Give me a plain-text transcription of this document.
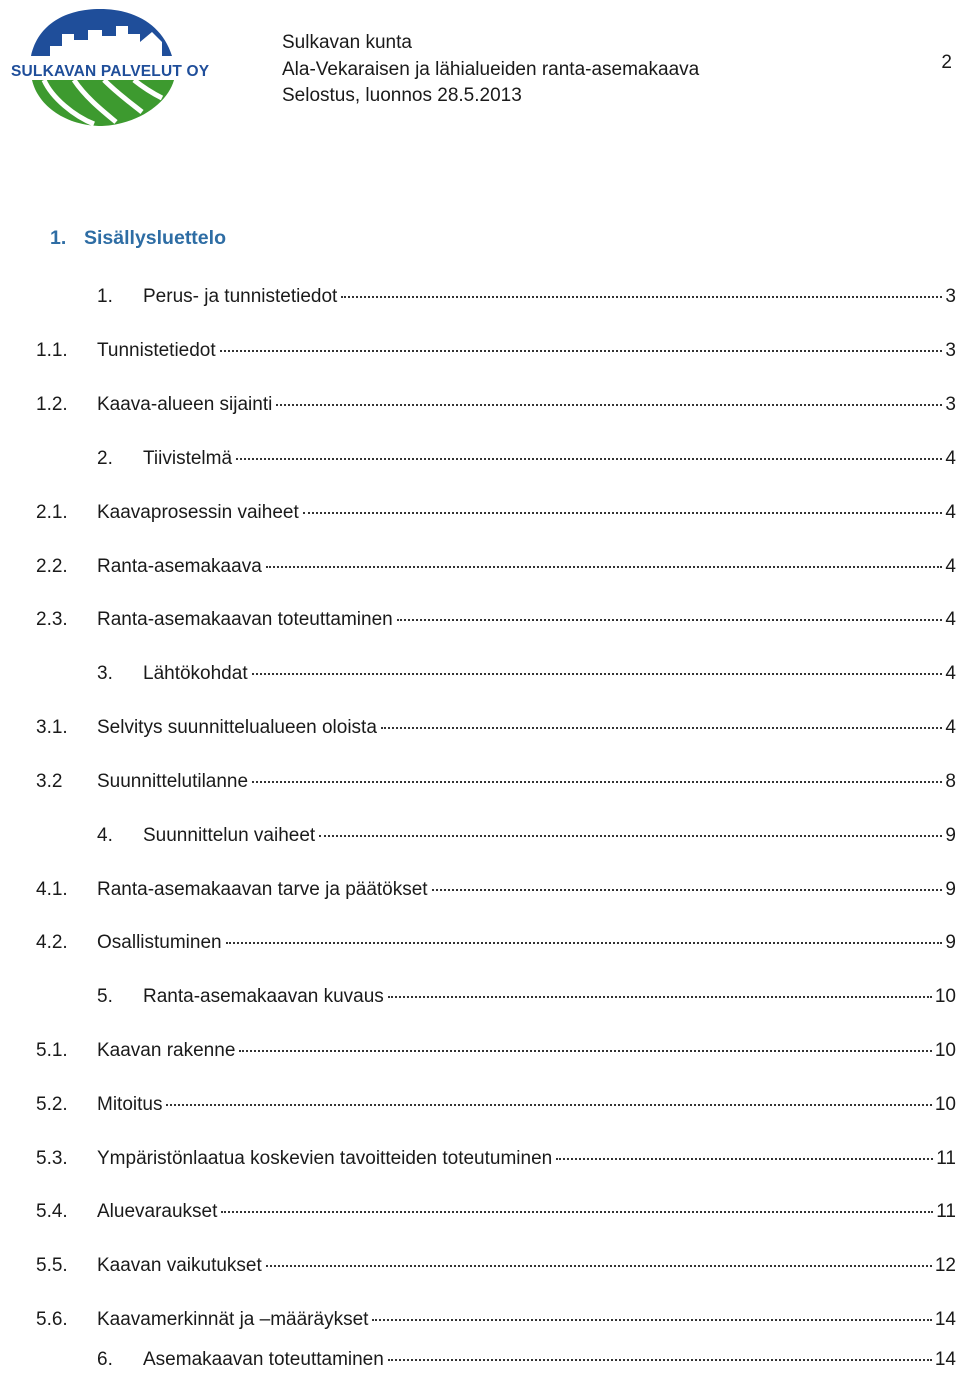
SULKAVAN PALVELUT OY
Sulkavan kunta
Ala-Vekaraisen ja lähialueiden ranta-asemakaava
Selostus, luonnos 28.5.2013
2
1. Sisällysluettelo
1.	Perus- ja tunnistetiedot	3
1.1.	Tunnistetiedot	3
1.2.	Kaava-alueen sijainti	3
2.	Tiivistelmä	4
2.1.	Kaavaprosessin vaiheet	4
2.2.	Ranta-asemakaava	4
2.3.	Ranta-asemakaavan toteuttaminen	4
3.	Lähtökohdat	4
3.1.	Selvitys suunnittelualueen oloista	4
3.2	Suunnittelutilanne	8
4.	Suunnittelun vaiheet	9
4.1.	Ranta-asemakaavan tarve ja päätökset	9
4.2.	Osallistuminen	9
5.	Ranta-asemakaavan kuvaus	10
5.1.	Kaavan rakenne	10
5.2.	Mitoitus	10
5.3.	Ympäristönlaatua koskevien tavoitteiden toteutuminen	11
5.4.	Aluevaraukset	11
5.5.	Kaavan vaikutukset	12
5.6.	Kaavamerkinnät ja –määräykset	14
6.	Asemakaavan toteuttaminen	14
